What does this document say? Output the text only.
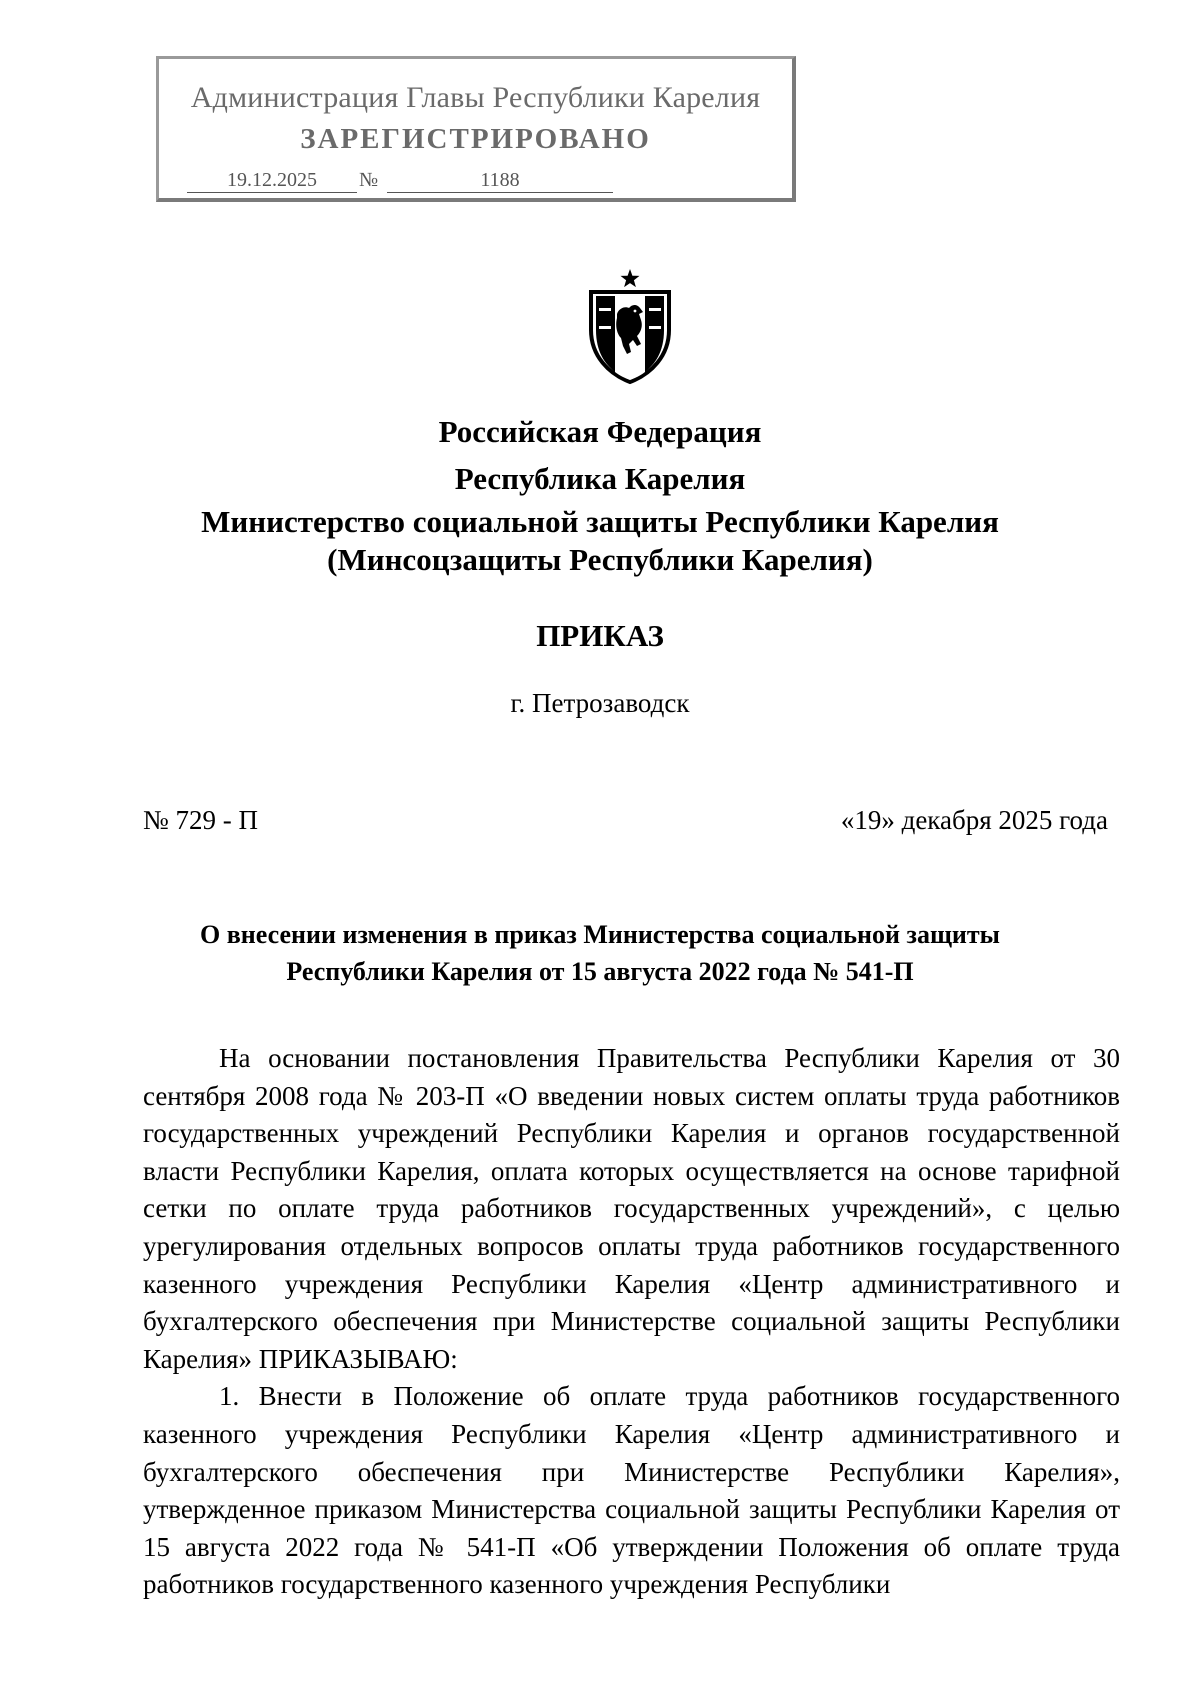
Администрация Главы Республики Карелия
ЗАРЕГИСТРИРОВАНО
19.12.2025	№	1188
Российская Федерация
Республика Карелия
Министерство социальной защиты Республики Карелия
(Минсоцзащиты Республики Карелия)
ПРИКАЗ
г. Петрозаводск
№ 729 - П	«19» декабря 2025 года
О внесении изменения в приказ Министерства социальной защиты
Республики Карелия от 15 августа 2022 года № 541-П

На основании постановления Правительства Республики Карелия от 30 сентября 2008 года № 203-П «О введении новых систем оплаты труда работников государственных учреждений Республики Карелия и органов государственной власти Республики Карелия, оплата которых осуществляется на основе тарифной сетки по оплате труда работников государственных учреждений», с целью урегулирования отдельных вопросов оплаты труда работников государственного казенного учреждения Республики Карелия «Центр административного и бухгалтерского обеспечения при Министерстве социальной защиты Республики Карелия» ПРИКАЗЫВАЮ:

1. Внести в Положение об оплате труда работников государственного казенного учреждения Республики Карелия «Центр административного и бухгалтерского обеспечения при Министерстве Республики Карелия», утвержденное приказом Министерства социальной защиты Республики Карелия от 15 августа 2022 года № 541-П «Об утверждении Положения об оплате труда работников государственного казенного учреждения Республики
